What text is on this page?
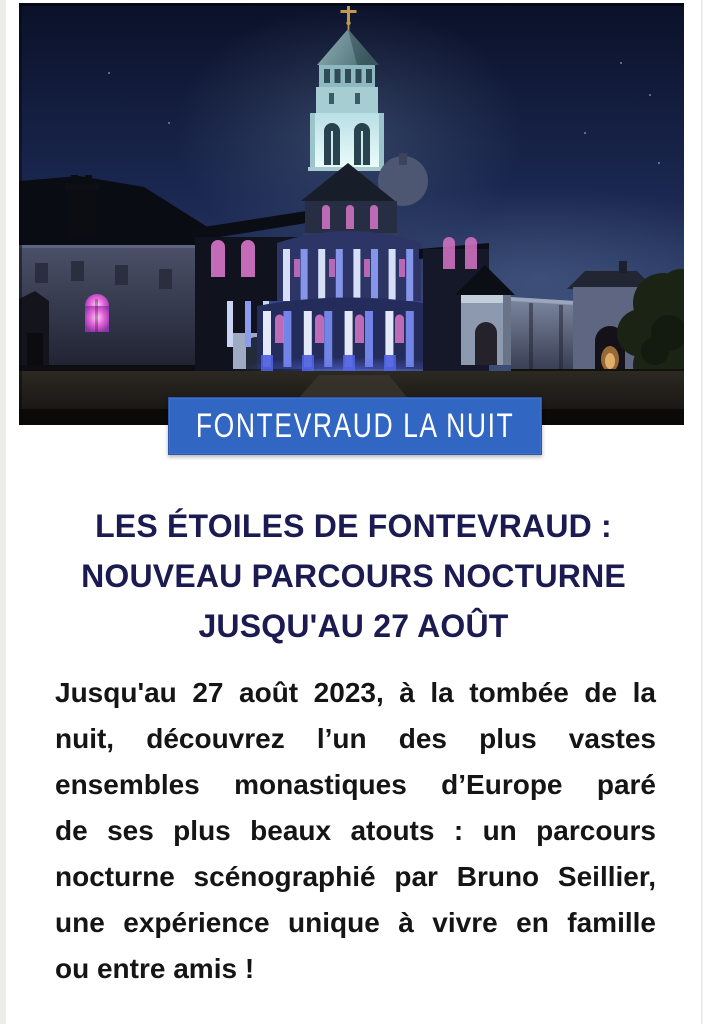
FONTEVRAUD LA NUIT
LES ÉTOILES DE FONTEVRAUD :
NOUVEAU PARCOURS NOCTURNE
JUSQU'AU 27 AOÛT
Jusqu'au 27 août 2023, à la tombée de la
nuit, découvrez l’un des plus vastes
ensembles monastiques d’Europe paré
de ses plus beaux atouts : un parcours
nocturne scénographié par Bruno Seillier,
une expérience unique à vivre en famille
ou entre amis !
